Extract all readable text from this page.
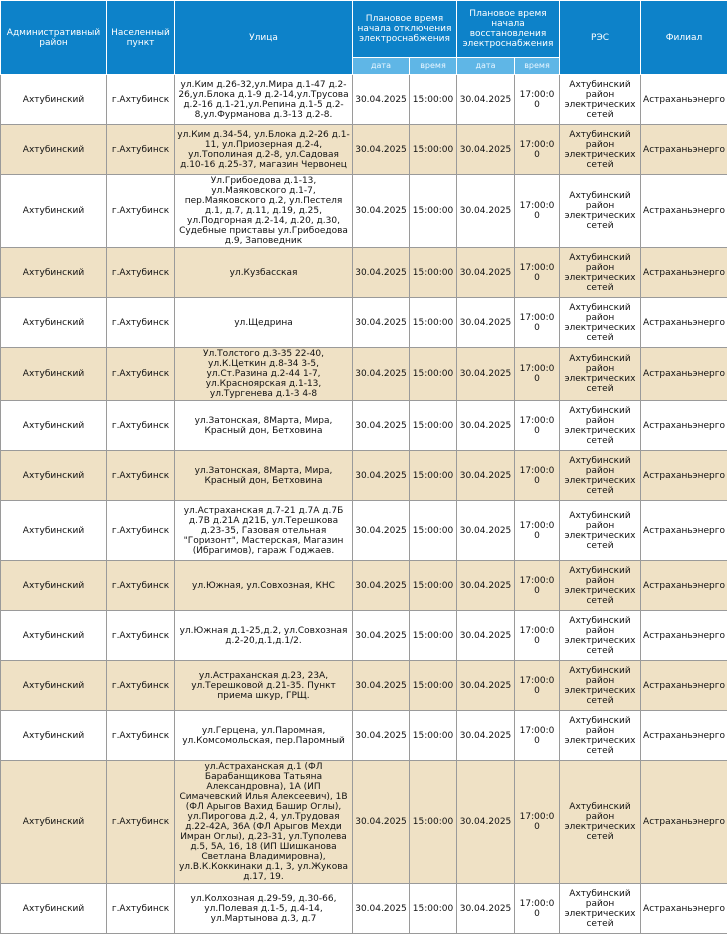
Административный район	Населенный пункт	Улица	Плановое время начала отключения электроснабжения		Плановое время начала восстановления электроснабжения		РЭС	Филиал
			дата	время	дата	время		
Ахтубинский	г.Ахтубинск	ул.Ким д.26-32,ул.Мира д.1-47 д.2-26,ул.Блока д.1-9 д.2-14,ул.Трусова д.2-16 д.1-21,ул.Репина д.1-5 д.2-8,ул.Фурманова д.3-13 д.2-8.	30.04.2025	15:00:00	30.04.2025	17:00:00	Ахтубинский район электрических сетей	Астраханьэнерго
Ахтубинский	г.Ахтубинск	ул.Ким д.34-54, ул.Блока д.2-26 д.1-11, ул.Приозерная д.2-4, ул.Тополиная д.2-8, ул.Садовая д.10-16 д.25-37, магазин Червонец	30.04.2025	15:00:00	30.04.2025	17:00:00	Ахтубинский район электрических сетей	Астраханьэнерго
Ахтубинский	г.Ахтубинск	Ул.Грибоедова д.1-13, ул.Маяковского д.1-7, пер.Маяковского д.2, ул.Пестеля д.1, д.7, д.11, д.19, д.25, ул.Подгорная д.2-14, д.20, д.30, Судебные приставы ул.Грибоедова д.9, Заповедник	30.04.2025	15:00:00	30.04.2025	17:00:00	Ахтубинский район электрических сетей	Астраханьэнерго
Ахтубинский	г.Ахтубинск	ул.Кузбасская	30.04.2025	15:00:00	30.04.2025	17:00:00	Ахтубинский район электрических сетей	Астраханьэнерго
Ахтубинский	г.Ахтубинск	ул.Щедрина	30.04.2025	15:00:00	30.04.2025	17:00:00	Ахтубинский район электрических сетей	Астраханьэнерго
Ахтубинский	г.Ахтубинск	Ул.Толстого д.3-35 22-40, ул.К.Цеткин д.8-34 3-5, ул.Ст.Разина д.2-44 1-7, ул.Красноярская д.1-13, ул.Тургенева д.1-3 4-8	30.04.2025	15:00:00	30.04.2025	17:00:00	Ахтубинский район электрических сетей	Астраханьэнерго
Ахтубинский	г.Ахтубинск	ул.Затонская, 8Марта, Мира, Красный дон, Бетховина	30.04.2025	15:00:00	30.04.2025	17:00:00	Ахтубинский район электрических сетей	Астраханьэнерго
Ахтубинский	г.Ахтубинск	ул.Затонская, 8Марта, Мира, Красный дон, Бетховина	30.04.2025	15:00:00	30.04.2025	17:00:00	Ахтубинский район электрических сетей	Астраханьэнерго
Ахтубинский	г.Ахтубинск	ул.Астраханская д.7-21 д.7А д.7Б д.7В д.21А д21Б, ул.Терешкова д.23-35, Газовая отельная "Горизонт", Мастерская, Магазин (Ибрагимов), гараж Годжаев.	30.04.2025	15:00:00	30.04.2025	17:00:00	Ахтубинский район электрических сетей	Астраханьэнерго
Ахтубинский	г.Ахтубинск	ул.Южная, ул.Совхозная, КНС	30.04.2025	15:00:00	30.04.2025	17:00:00	Ахтубинский район электрических сетей	Астраханьэнерго
Ахтубинский	г.Ахтубинск	ул.Южная д.1-25,д.2, ул.Совхозная д.2-20,д.1,д.1/2.	30.04.2025	15:00:00	30.04.2025	17:00:00	Ахтубинский район электрических сетей	Астраханьэнерго
Ахтубинский	г.Ахтубинск	ул.Астраханская д.23, 23А, ул.Терешковой д.21-35. Пункт приема шкур, ГРЩ.	30.04.2025	15:00:00	30.04.2025	17:00:00	Ахтубинский район электрических сетей	Астраханьэнерго
Ахтубинский	г.Ахтубинск	ул.Герцена, ул.Паромная, ул.Комсомольская, пер.Паромный	30.04.2025	15:00:00	30.04.2025	17:00:00	Ахтубинский район электрических сетей	Астраханьэнерго
Ахтубинский	г.Ахтубинск	ул.Астраханская д.1 (ФЛ Барабанщикова Татьяна Александровна), 1А (ИП Симачевский Илья Алексеевич), 1В (ФЛ Арыгов Вахид Башир Оглы), ул.Пирогова д.2, 4, ул.Трудовая д.22-42А, 36А (ФЛ Арыгов Мехди Имран Оглы), д.23-31, ул.Туполева д.5, 5А, 16, 18 (ИП Шишканова Светлана Владимировна), ул.В.К.Коккинаки д.1, 3, ул.Жукова д.17, 19.	30.04.2025	15:00:00	30.04.2025	17:00:00	Ахтубинский район электрических сетей	Астраханьэнерго
Ахтубинский	г.Ахтубинск	ул.Колхозная д.29-59, д.30-66, ул.Полевая д.1-5, д.4-14, ул.Мартынова д.3, д.7	30.04.2025	15:00:00	30.04.2025	17:00:00	Ахтубинский район электрических сетей	Астраханьэнерго
